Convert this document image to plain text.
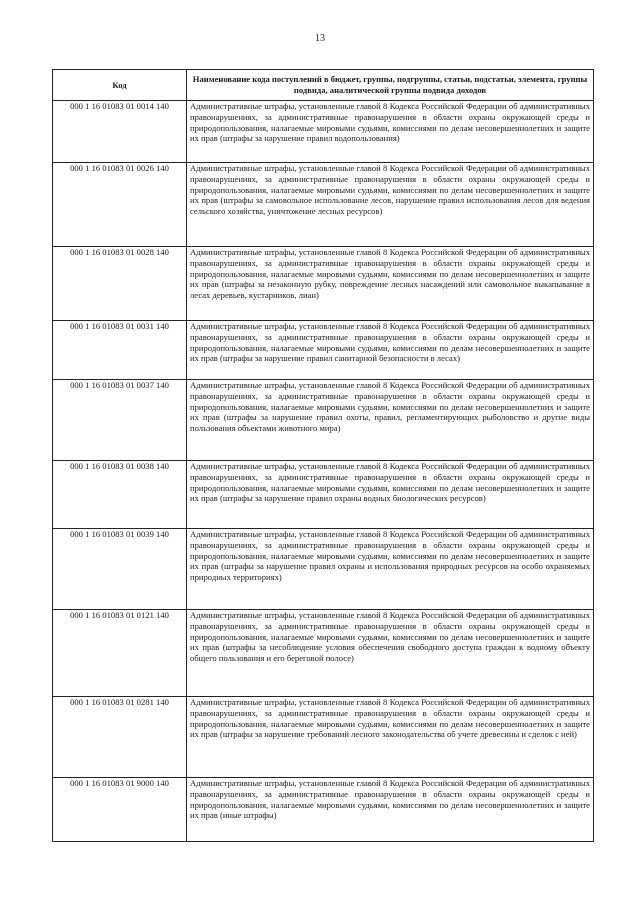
13
Код	Наименование кода поступлений в бюджет, группы, подгруппы, статьи, подстатьи, элемента, группы подвида, аналитической группы подвида доходов
000 1 16 01083 01 0014 140	Административные штрафы, установленные главой 8 Кодекса Российской Федерации об административных правонарушениях, за административные правонарушения в области охраны окружающей среды и природопользования, налагаемые мировыми судьями, комиссиями по делам несовершеннолетних и защите их прав (штрафы за нарушение правил водопользования)
000 1 16 01083 01 0026 140	Административные штрафы, установленные главой 8 Кодекса Российской Федерации об административных правонарушениях, за административные правонарушения в области охраны окружающей среды и природопользования, налагаемые мировыми судьями, комиссиями по делам несовершеннолетних и защите их прав (штрафы за самовольное использование лесов, нарушение правил использования лесов для ведения сельского хозяйства, уничтожение лесных ресурсов)
000 1 16 01083 01 0028 140	Административные штрафы, установленные главой 8 Кодекса Российской Федерации об административных правонарушениях, за административные правонарушения в области охраны окружающей среды и природопользования, налагаемые мировыми судьями, комиссиями по делам несовершеннолетних и защите их прав (штрафы за незаконную рубку, повреждение лесных насаждений или самовольное выкапывание в лесах деревьев, кустарников, лиан)
000 1 16 01083 01 0031 140	Административные штрафы, установленные главой 8 Кодекса Российской Федерации об административных правонарушениях, за административные правонарушения в области охраны окружающей среды и природопользования, налагаемые мировыми судьями, комиссиями по делам несовершеннолетних и защите их прав (штрафы за нарушение правил санитарной безопасности в лесах)
000 1 16 01083 01 0037 140	Административные штрафы, установленные главой 8 Кодекса Российской Федерации об административных правонарушениях, за административные правонарушения в области охраны окружающей среды и природопользования, налагаемые мировыми судьями, комиссиями по делам несовершеннолетних и защите их прав (штрафы за нарушение правил охоты, правил, регламентирующих рыболовство и другие виды пользования объектами животного мира)
000 1 16 01083 01 0038 140	Административные штрафы, установленные главой 8 Кодекса Российской Федерации об административных правонарушениях, за административные правонарушения в области охраны окружающей среды и природопользования, налагаемые мировыми судьями, комиссиями по делам несовершеннолетних и защите их прав (штрафы за нарушение правил охраны водных биологических ресурсов)
000 1 16 01083 01 0039 140	Административные штрафы, установленные главой 8 Кодекса Российской Федерации об административных правонарушениях, за административные правонарушения в области охраны окружающей среды и природопользования, налагаемые мировыми судьями, комиссиями по делам несовершеннолетних и защите их прав (штрафы за нарушение правил охраны и использования природных ресурсов на особо охраняемых природных территориях)
000 1 16 01083 01 0121 140	Административные штрафы, установленные главой 8 Кодекса Российской Федерации об административных правонарушениях, за административные правонарушения в области охраны окружающей среды и природопользования, налагаемые мировыми судьями, комиссиями по делам несовершеннолетних и защите их прав (штрафы за несоблюдение условия обеспечения свободного доступа граждан к водному объекту общего пользования и его береговой полосе)
000 1 16 01083 01 0281 140	Административные штрафы, установленные главой 8 Кодекса Российской Федерации об административных правонарушениях, за административные правонарушения в области охраны окружающей среды и природопользования, налагаемые мировыми судьями, комиссиями по делам несовершеннолетних и защите их прав (штрафы за нарушение требований лесного законодательства об учете древесины и сделок с ней)
000 1 16 01083 01 9000 140	Административные штрафы, установленные главой 8 Кодекса Российской Федерации об административных правонарушениях, за административные правонарушения в области охраны окружающей среды и природопользования, налагаемые мировыми судьями, комиссиями по делам несовершеннолетних и защите их прав (иные штрафы)
